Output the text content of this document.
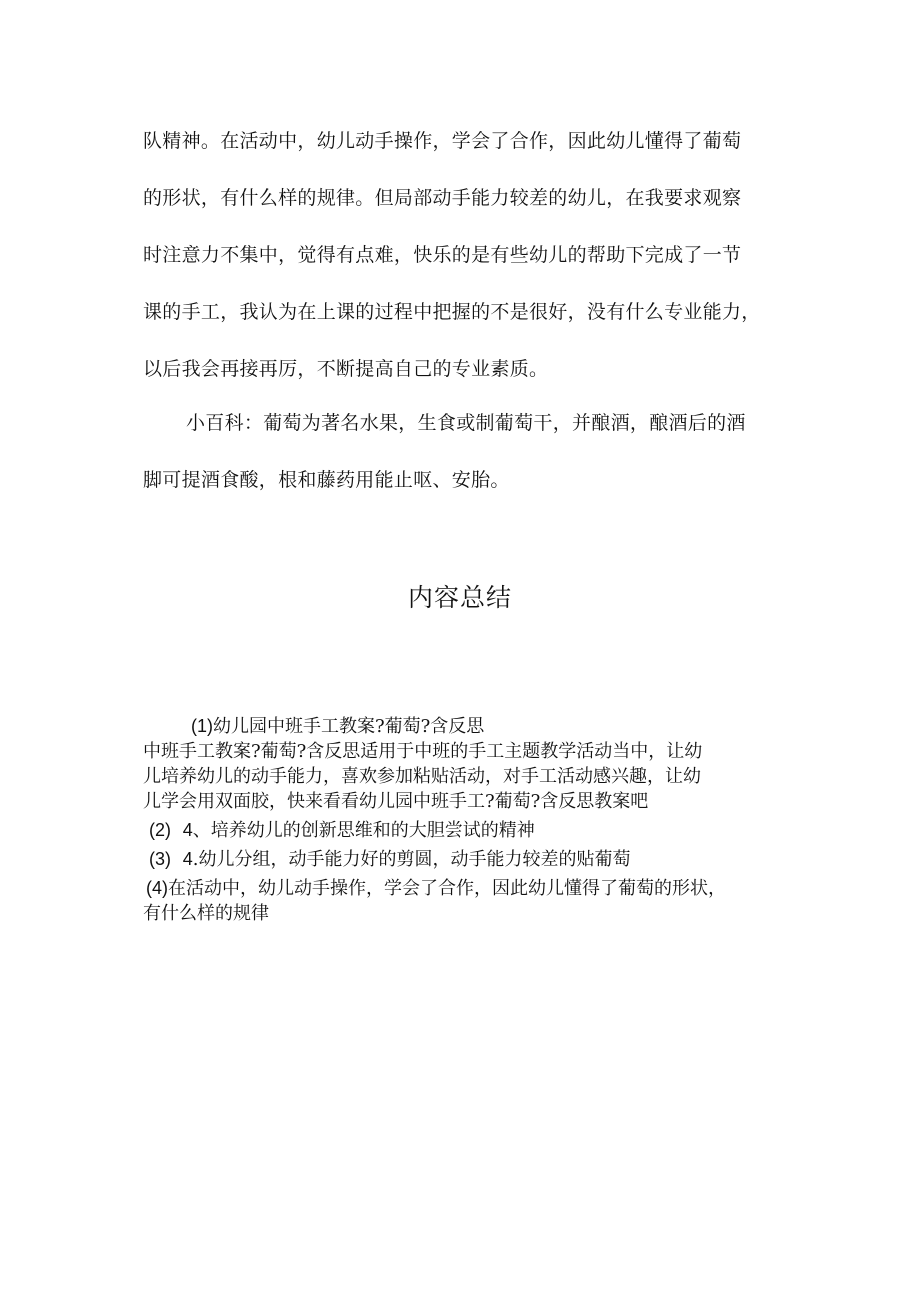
队精神。在活动中，幼儿动手操作，学会了合作，因此幼儿懂得了葡萄
的形状，有什么样的规律。但局部动手能力较差的幼儿，在我要求观察
时注意力不集中，觉得有点难，快乐的是有些幼儿的帮助下完成了一节
课的手工，我认为在上课的过程中把握的不是很好，没有什么专业能力，
以后我会再接再厉，不断提高自己的专业素质。
小百科：葡萄为著名水果，生食或制葡萄干，并酿酒，酿酒后的酒
脚可提酒食酸，根和藤药用能止呕、安胎。
内容总结
(1)幼儿园中班手工教案?葡萄?含反思
中班手工教案?葡萄?含反思适用于中班的手工主题教学活动当中，让幼
儿培养幼儿的动手能力，喜欢参加粘贴活动，对手工活动感兴趣，让幼
儿学会用双面胶，快来看看幼儿园中班手工?葡萄?含反思教案吧
(2) 4、培养幼儿的创新思维和的大胆尝试的精神
(3) 4.幼儿分组，动手能力好的剪圆，动手能力较差的贴葡萄
(4)在活动中，幼儿动手操作，学会了合作，因此幼儿懂得了葡萄的形状，
有什么样的规律
